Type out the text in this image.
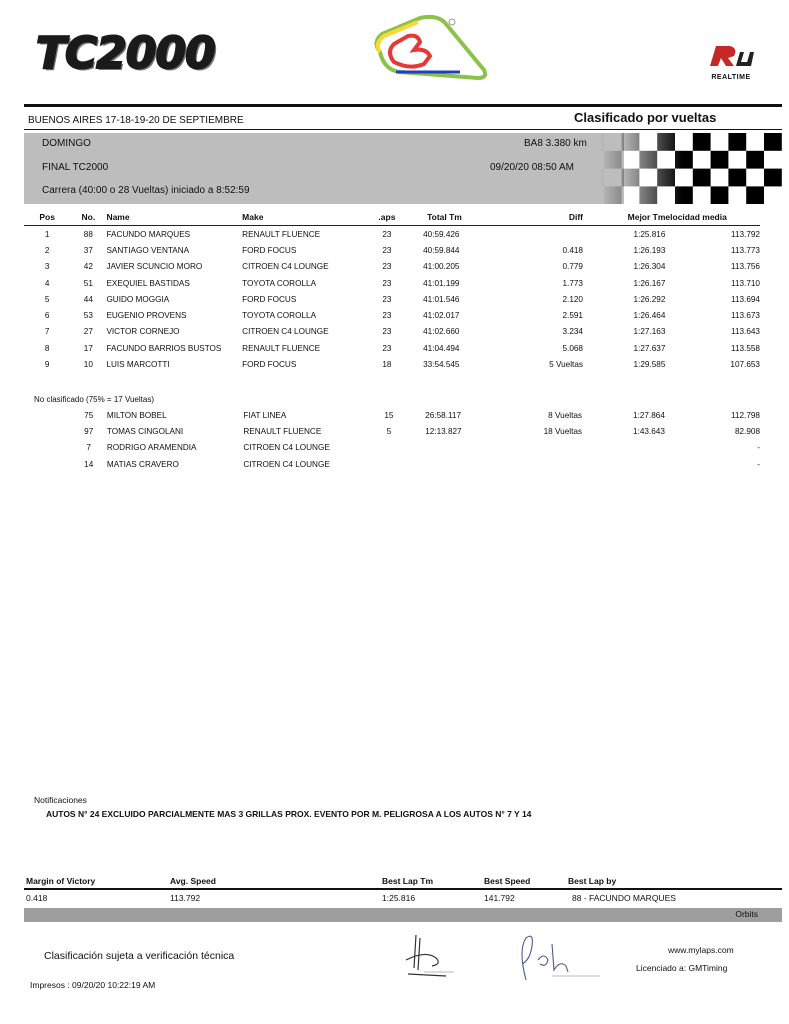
TC2000	REALTIME
BUENOS AIRES 17-18-19-20 DE SEPTIEMBRE	Clasificado por vueltas
DOMINGO
FINAL TC2000
Carrera (40:00 o 28 Vueltas) iniciado a 8:52:59
BA8 3.380 km
09/20/20 08:50 AM
Pos	No.	Name	Make	.aps	Total Tm	Diff	Mejor Tm	elocidad media
1	88	FACUNDO MARQUES	RENAULT FLUENCE	23	40:59.426		1:25.816	113.792
2	37	SANTIAGO VENTANA	FORD FOCUS	23	40:59.844	0.418	1:26.193	113.773
3	42	JAVIER SCUNCIO MORO	CITROEN C4 LOUNGE	23	41:00.205	0.779	1:26.304	113.756
4	51	EXEQUIEL BASTIDAS	TOYOTA COROLLA	23	41:01.199	1.773	1:26.167	113.710
5	44	GUIDO MOGGIA	FORD FOCUS	23	41:01.546	2.120	1:26.292	113.694
6	53	EUGENIO PROVENS	TOYOTA COROLLA	23	41:02.017	2.591	1:26.464	113.673
7	27	VICTOR CORNEJO	CITROEN C4 LOUNGE	23	41:02.660	3.234	1:27.163	113.643
8	17	FACUNDO BARRIOS BUSTOS	RENAULT FLUENCE	23	41:04.494	5.068	1:27.637	113.558
9	10	LUIS MARCOTTI	FORD FOCUS	18	33:54.545	5 Vueltas	1:29.585	107.653
No clasificado (75% = 17 Vueltas)
	75	MILTON BOBEL	FIAT LINEA	15	26:58.117	8 Vueltas	1:27.864	112.798
	97	TOMAS CINGOLANI	RENAULT FLUENCE	5	12:13.827	18 Vueltas	1:43.643	82.908
	7	RODRIGO ARAMENDIA	CITROEN C4 LOUNGE					-
	14	MATIAS CRAVERO	CITROEN C4 LOUNGE					-
Notificaciones
AUTOS N° 24 EXCLUIDO PARCIALMENTE MAS 3 GRILLAS PROX. EVENTO POR M. PELIGROSA A LOS AUTOS N° 7 Y 14
Margin of Victory	Avg. Speed	Best Lap Tm	Best Speed	Best Lap by
0.418	113.792	1:25.816	141.792	88 - FACUNDO MARQUES
Orbits
Clasificación sujeta a verificación técnica
Impresos : 09/20/20 10:22:19 AM
www.mylaps.com
Licenciado a: GMTiming
